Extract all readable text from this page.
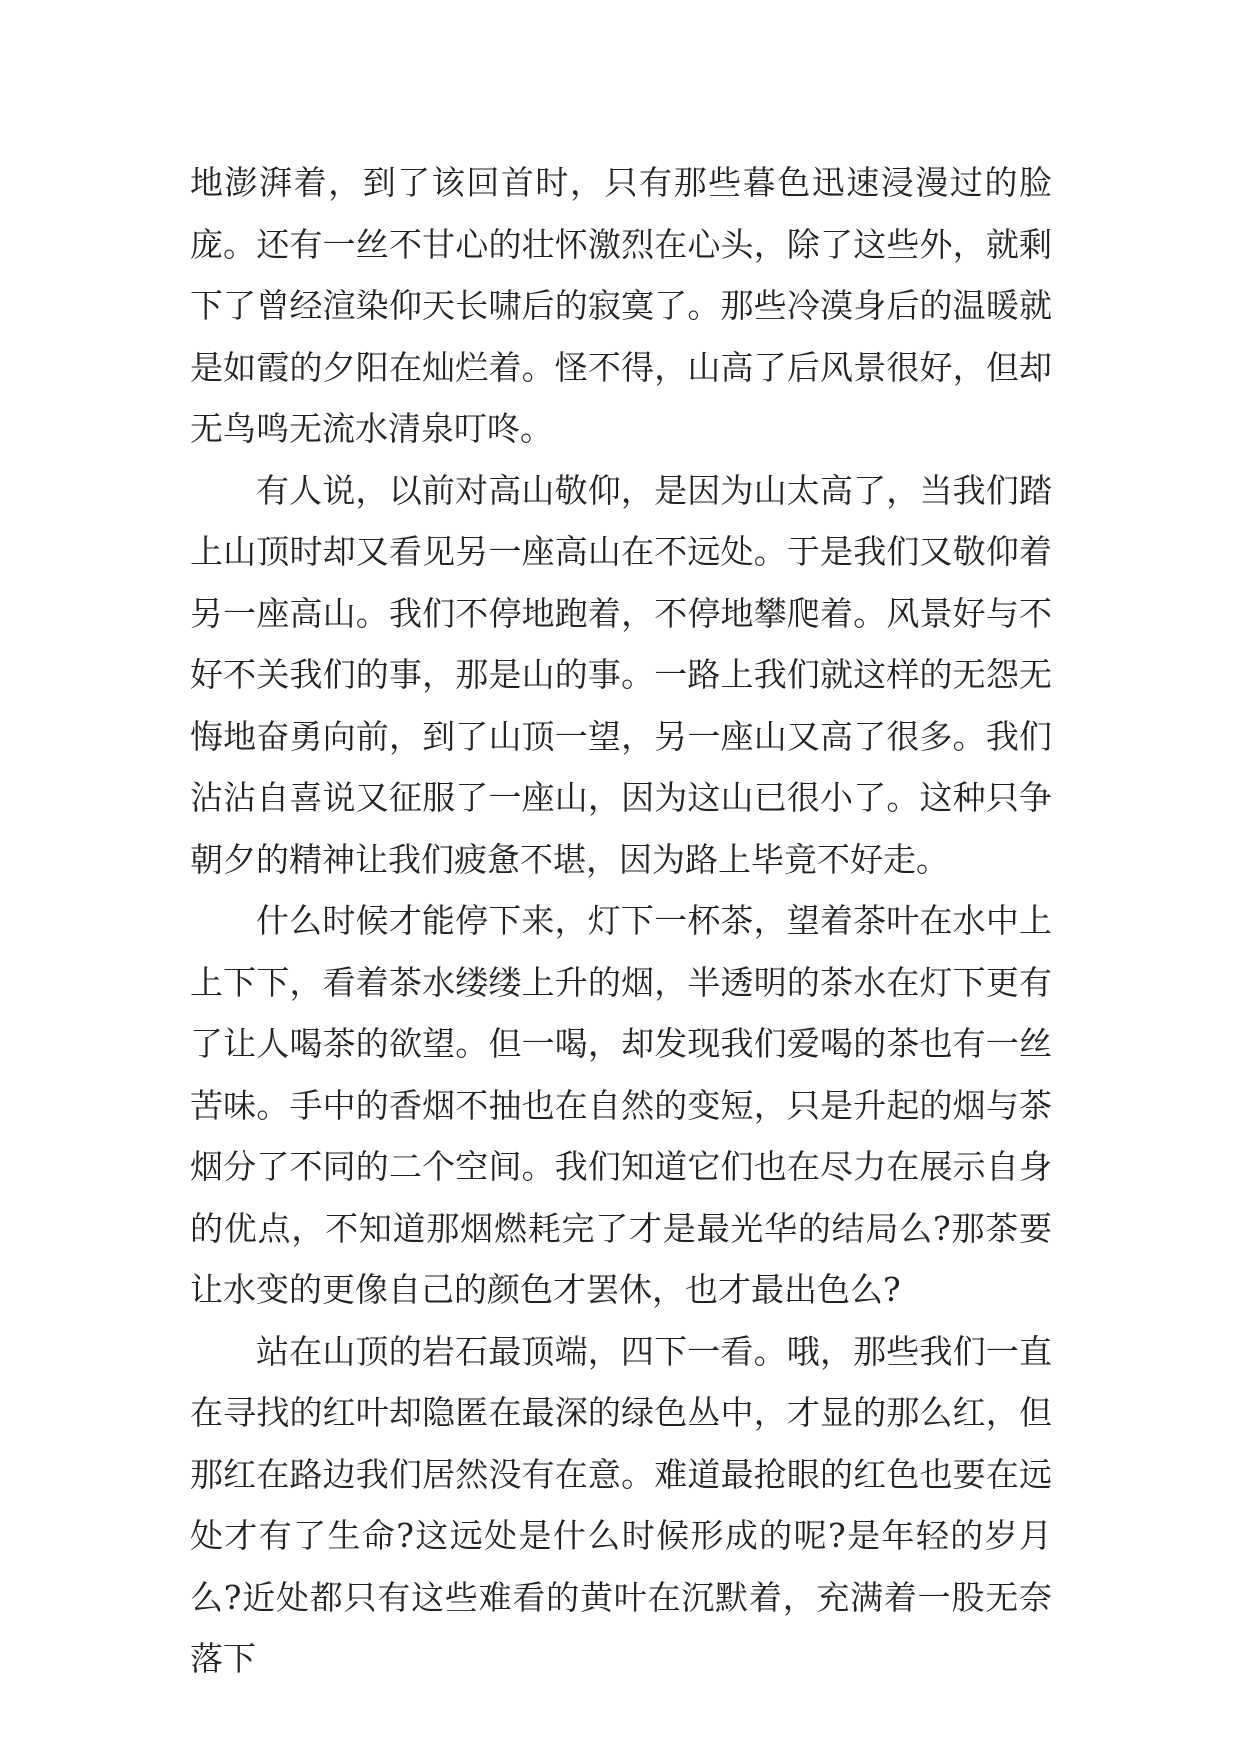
地澎湃着，到了该回首时，只有那些暮色迅速浸漫过的脸庞。还有一丝不甘心的壮怀激烈在心头，除了这些外，就剩下了曾经渲染仰天长啸后的寂寞了。那些冷漠身后的温暖就是如霞的夕阳在灿烂着。怪不得，山高了后风景很好，但却无鸟鸣无流水清泉叮咚。

有人说，以前对高山敬仰，是因为山太高了，当我们踏上山顶时却又看见另一座高山在不远处。于是我们又敬仰着另一座高山。我们不停地跑着，不停地攀爬着。风景好与不好不关我们的事，那是山的事。一路上我们就这样的无怨无悔地奋勇向前，到了山顶一望，另一座山又高了很多。我们沾沾自喜说又征服了一座山，因为这山已很小了。这种只争朝夕的精神让我们疲惫不堪，因为路上毕竟不好走。

什么时候才能停下来，灯下一杯茶，望着茶叶在水中上上下下，看着茶水缕缕上升的烟，半透明的茶水在灯下更有了让人喝茶的欲望。但一喝，却发现我们爱喝的茶也有一丝苦味。手中的香烟不抽也在自然的变短，只是升起的烟与茶烟分了不同的二个空间。我们知道它们也在尽力在展示自身的优点，不知道那烟燃耗完了才是最光华的结局么?那茶要让水变的更像自己的颜色才罢休，也才最出色么?

站在山顶的岩石最顶端，四下一看。哦，那些我们一直在寻找的红叶却隐匿在最深的绿色丛中，才显的那么红，但那红在路边我们居然没有在意。难道最抢眼的红色也要在远处才有了生命?这远处是什么时候形成的呢?是年轻的岁月么?近处都只有这些难看的黄叶在沉默着，充满着一股无奈落下
